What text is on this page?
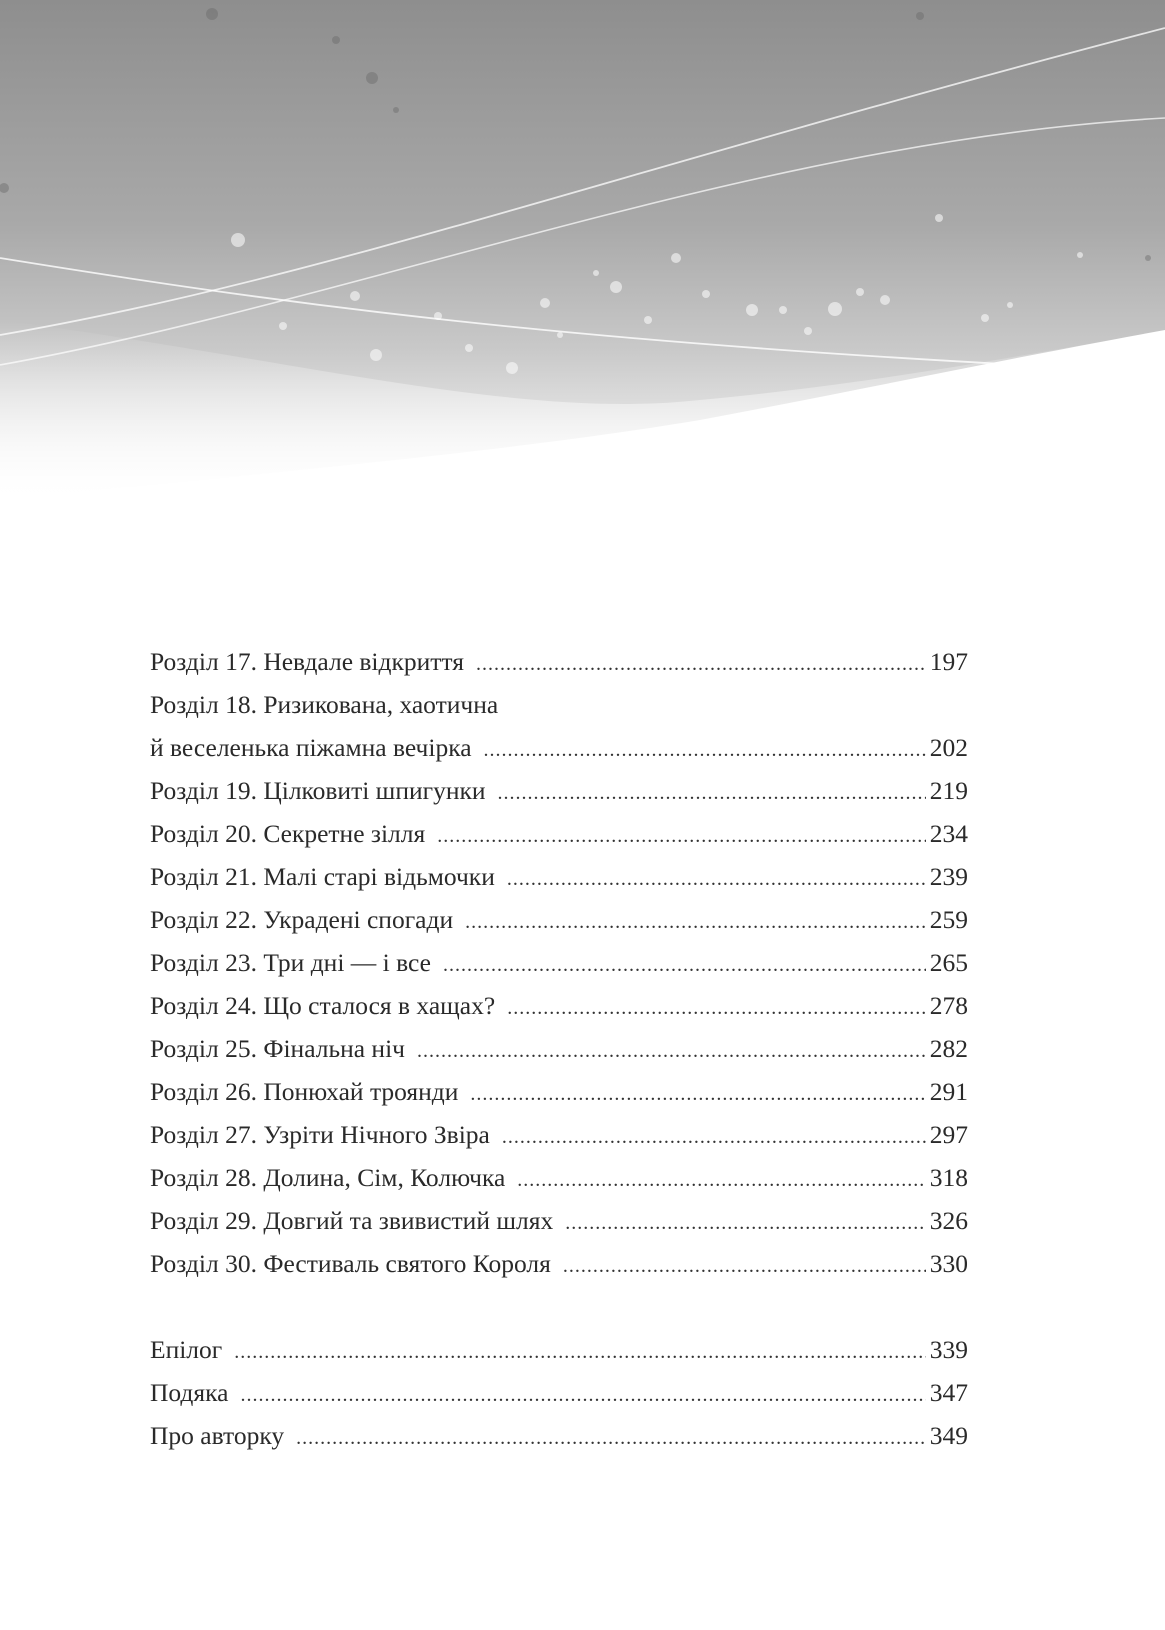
Розділ 17. Невдале відкриття .....	197
Розділ 18. Ризикована, хаотична
й веселенька піжамна вечірка .....	202
Розділ 19. Цілковиті шпигунки .....	219
Розділ 20. Секретне зілля .....	234
Розділ 21. Малі старі відьмочки .....	239
Розділ 22. Украдені спогади .....	259
Розділ 23. Три дні — і все .....	265
Розділ 24. Що сталося в хащах? .....	278
Розділ 25. Фінальна ніч .....	282
Розділ 26. Понюхай троянди .....	291
Розділ 27. Узріти Нічного Звіра .....	297
Розділ 28. Долина, Сім, Колючка .....	318
Розділ 29. Довгий та звивистий шлях .....	326
Розділ 30. Фестиваль святого Короля .....	330
Епілог .....	339
Подяка .....	347
Про авторку .....	349
